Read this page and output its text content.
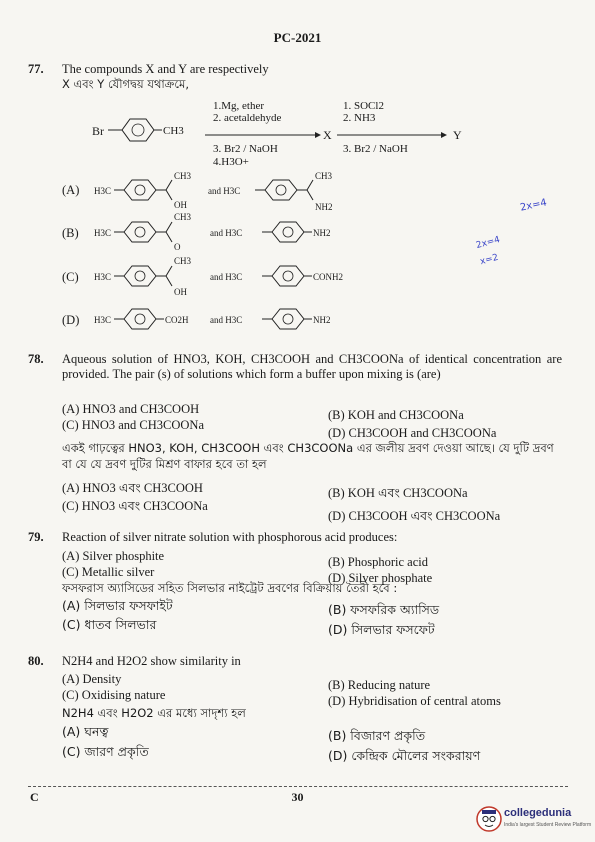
PC-2021
77. The compounds X and Y are respectively
X এবং Y যৌগদ্বয় যথাক্রমে,
Br	CH3
1.Mg, ether
2. acetaldehyde
3. Br2 / NaOH
4.H3O+
X
1. SOCl2
2. NH3
3. Br2 / NaOH
Y
(A) H3C
CH3
OH
and H3C
CH3
NH2
(B) H3C
CH3
O
and H3C	NH2
(C) H3C
CH3
OH
and H3C	CONH2
(D) H3C	CO2H and H3C	NH2
2x=4
2x=4
x=2
78. Aqueous solution of HNO3, KOH, CH3COOH and CH3COONa of identical concentration are provided. The pair (s) of solutions which form a buffer upon mixing is (are)
(A) HNO3 and CH3COOH	(B) KOH and CH3COONa
(C) HNO3 and CH3COONa
(D) CH3COOH and CH3COONa
একই গাঢ়ত্বের HNO3, KOH, CH3COOH এবং CH3COONa এর জলীয় দ্রবণ দেওয়া আছে। যে দুটি দ্রবণ বা যে যে দ্রবণ দুটির মিশ্রণ বাফার হবে তা হল
(A) HNO3 এবং CH3COOH	(B) KOH এবং CH3COONa
(C) HNO3 এবং CH3COONa
(D) CH3COOH এবং CH3COONa
79. Reaction of silver nitrate solution with phosphorous acid produces:
(A) Silver phosphite	(B) Phosphoric acid
(C) Metallic silver	(D) Silver phosphate
ফসফরাস অ্যাসিডের সহিত সিলভার নাইট্রেট দ্রবণের বিক্রিয়ায় তৈরী হবে :
(A) সিলভার ফসফাইট	(B) ফসফরিক অ্যাসিড
(C) ধাতব সিলভার	(D) সিলভার ফসফেট
80. N2H4 and H2O2 show similarity in
(A) Density	(B) Reducing nature
(C) Oxidising nature	(D) Hybridisation of central atoms
N2H4 এবং H2O2 এর মধ্যে সাদৃশ্য হল
(A) ঘনত্ব	(B) বিজারণ প্রকৃতি
(C) জারণ প্রকৃতি	(D) কেন্দ্রিক মৌলের সংকরায়ণ
C	30
collegedunia
India's largest Student Review Platform
